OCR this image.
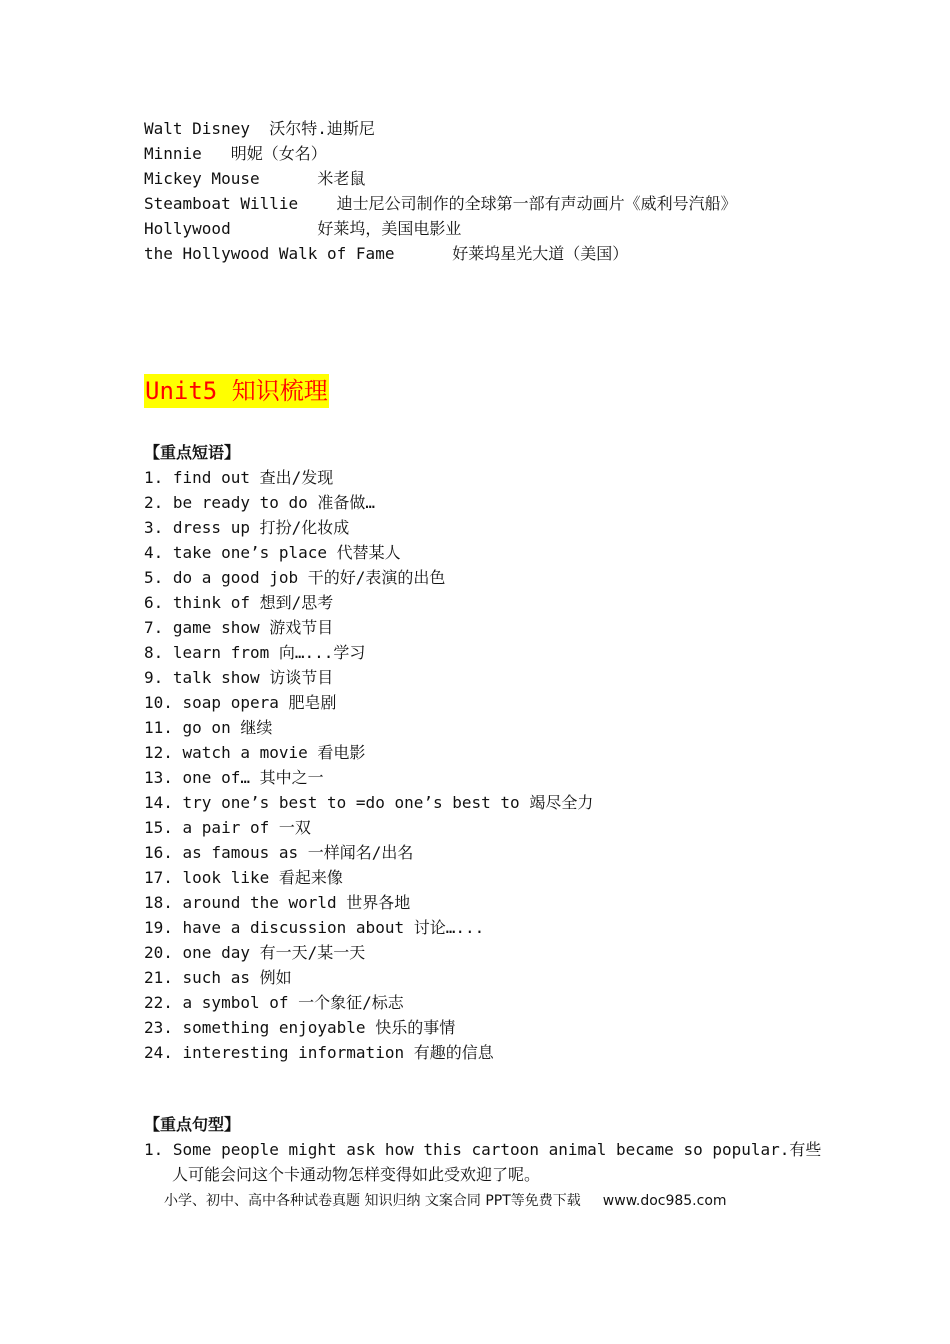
Walt Disney  沃尔特.迪斯尼
Minnie   明妮（女名）
Mickey Mouse      米老鼠
Steamboat Willie    迪士尼公司制作的全球第一部有声动画片《威利号汽船》
Hollywood         好莱坞，美国电影业
the Hollywood Walk of Fame      好莱坞星光大道（美国）
Unit5 知识梳理
【重点短语】
1. find out 查出/发现
2. be ready to do 准备做…
3. dress up 打扮/化妆成
4. take one’s place 代替某人
5. do a good job 干的好/表演的出色
6. think of 想到/思考
7. game show 游戏节目
8. learn from 向…...学习
9. talk show 访谈节目
10. soap opera 肥皂剧
11. go on 继续
12. watch a movie 看电影
13. one of… 其中之一
14. try one’s best to =do one’s best to 竭尽全力
15. a pair of 一双
16. as famous as 一样闻名/出名
17. look like 看起来像
18. around the world 世界各地
19. have a discussion about 讨论…...
20. one day 有一天/某一天
21. such as 例如
22. a symbol of 一个象征/标志
23. something enjoyable 快乐的事情
24. interesting information 有趣的信息
【重点句型】
1. Some people might ask how this cartoon animal became so popular.有些人可能会问这个卡通动物怎样变得如此受欢迎了呢。
小学、初中、高中各种试卷真题 知识归纳 文案合同 PPT等免费下载 www.doc985.com
